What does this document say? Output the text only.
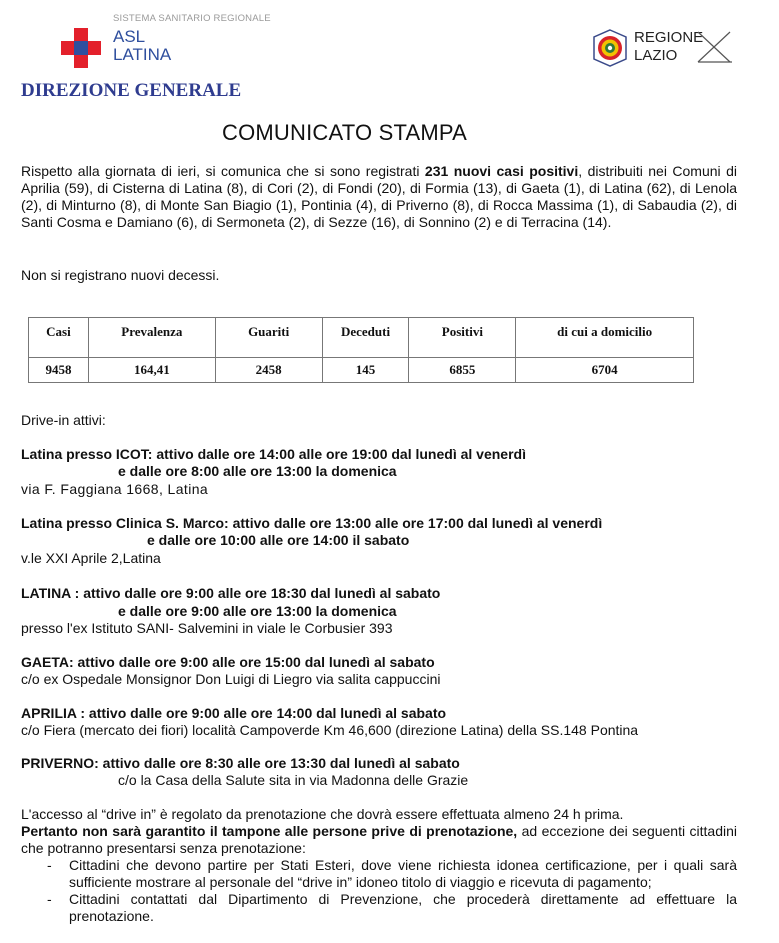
SISTEMA SANITARIO REGIONALE
ASL
LATINA
REGIONE
LAZIO
DIREZIONE GENERALE
COMUNICATO STAMPA
Rispetto alla giornata di ieri, si comunica che si sono registrati 231 nuovi casi positivi, distribuiti nei Comuni di Aprilia (59), di Cisterna di Latina (8), di Cori (2), di Fondi (20), di Formia (13), di Gaeta (1), di Latina (62), di Lenola (2), di Minturno (8), di Monte San Biagio (1), Pontinia (4), di Priverno (8), di Rocca Massima (1), di Sabaudia (2), di Santi Cosma e Damiano (6), di Sermoneta (2), di Sezze (16), di Sonnino (2) e di Terracina (14).
Non si registrano nuovi decessi.
Casi	Prevalenza	Guariti	Deceduti	Positivi	di cui a domicilio
9458	164,41	2458	145	6855	6704
Drive-in attivi:
Latina presso ICOT: attivo dalle ore 14:00 alle ore 19:00 dal lunedì al venerdì
e dalle ore 8:00 alle ore 13:00 la domenica
via F. Faggiana 1668, Latina
Latina presso Clinica S. Marco: attivo dalle ore 13:00 alle ore 17:00 dal lunedì al venerdì
e dalle ore 10:00 alle ore 14:00 il sabato
v.le XXI Aprile 2,Latina
LATINA : attivo dalle ore 9:00 alle ore 18:30 dal lunedì al sabato
e dalle ore 9:00 alle ore 13:00 la domenica
presso l'ex Istituto SANI- Salvemini in viale le Corbusier 393
GAETA: attivo dalle ore 9:00 alle ore 15:00 dal lunedì al sabato
c/o ex Ospedale Monsignor Don Luigi di Liegro via salita cappuccini
APRILIA : attivo dalle ore 9:00 alle ore 14:00 dal lunedì al sabato
c/o Fiera (mercato dei fiori) località Campoverde Km 46,600 (direzione Latina) della SS.148 Pontina
PRIVERNO: attivo dalle ore 8:30 alle ore 13:30 dal lunedì al sabato
c/o la Casa della Salute sita in via Madonna delle Grazie
L'accesso al “drive in” è regolato da prenotazione che dovrà essere effettuata almeno 24 h prima.
Pertanto non sarà garantito il tampone alle persone prive di prenotazione, ad eccezione dei seguenti cittadini che potranno presentarsi senza prenotazione:
-	Cittadini che devono partire per Stati Esteri, dove viene richiesta idonea certificazione, per i quali sarà sufficiente mostrare al personale del “drive in” idoneo titolo di viaggio e ricevuta di pagamento;
-	Cittadini contattati dal Dipartimento di Prevenzione, che procederà direttamente ad effettuare la prenotazione.
